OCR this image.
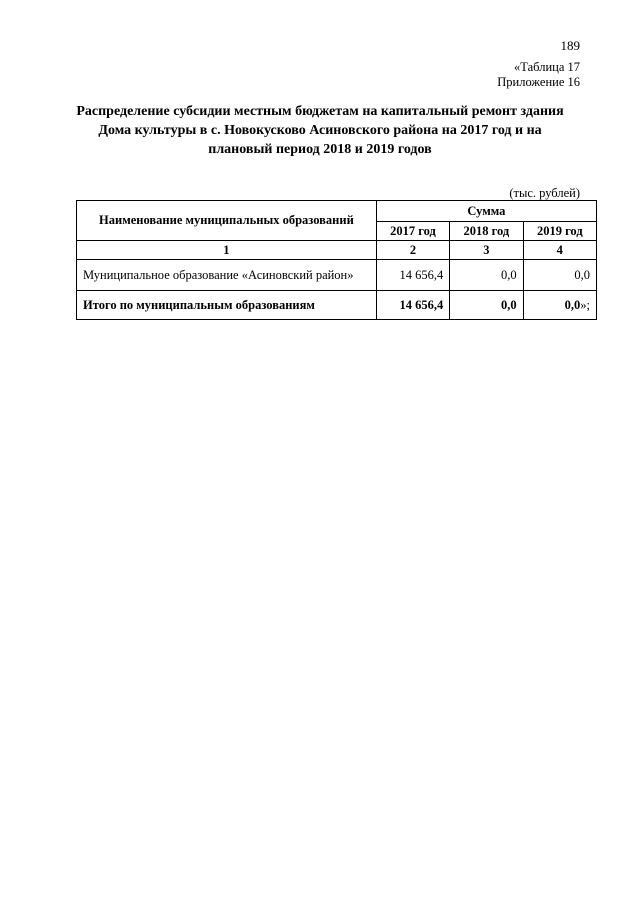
189
«Таблица 17
Приложение 16
Распределение субсидии местным бюджетам на капитальный ремонт здания
Дома культуры в с. Новокусково Асиновского района на 2017 год и на
плановый период 2018 и 2019 годов
(тыс. рублей)
Наименование муниципальных образований	Сумма		
	2017 год	2018 год	2019 год
1	2	3	4
Муниципальное образование «Асиновский район»	14 656,4	0,0	0,0
Итого по муниципальным образованиям	14 656,4	0,0	0,0»;
